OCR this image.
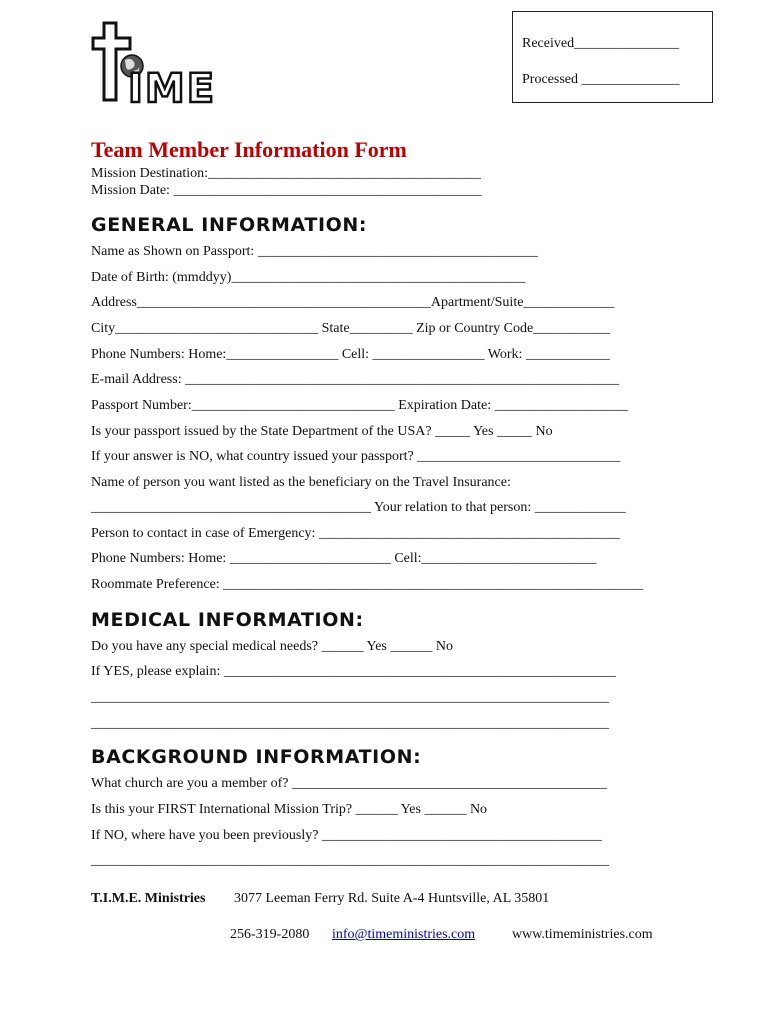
IME
Received_______________
Processed ______________
Team Member Information Form
Mission Destination:_______________________________________
Mission Date: ____________________________________________
GENERAL INFORMATION:
Name as Shown on Passport: ________________________________________
Date of Birth: (mmddyy)__________________________________________
Address__________________________________________Apartment/Suite_____________
City_____________________________ State_________ Zip or Country Code___________
Phone Numbers: Home:________________ Cell: ________________ Work: ____________
E-mail Address: ______________________________________________________________
Passport Number:_____________________________ Expiration Date: ___________________
Is your passport issued by the State Department of the USA? _____ Yes _____ No
If your answer is NO, what country issued your passport? _____________________________
Name of person you want listed as the beneficiary on the Travel Insurance:
________________________________________ Your relation to that person: _____________
Person to contact in case of Emergency: ___________________________________________
Phone Numbers: Home: _______________________ Cell:_________________________
Roommate Preference: ____________________________________________________________
MEDICAL INFORMATION:
Do you have any special medical needs? ______ Yes ______ No
If YES, please explain: ________________________________________________________
__________________________________________________________________________
__________________________________________________________________________
BACKGROUND INFORMATION:
What church are you a member of? _____________________________________________
Is this your FIRST International Mission Trip? ______ Yes ______ No
If NO, where have you been previously? ________________________________________
__________________________________________________________________________
T.I.M.E. Ministries 3077 Leeman Ferry Rd. Suite A-4 Huntsville, AL 35801
256-319-2080 info@timeministries.com	www.timeministries.com
